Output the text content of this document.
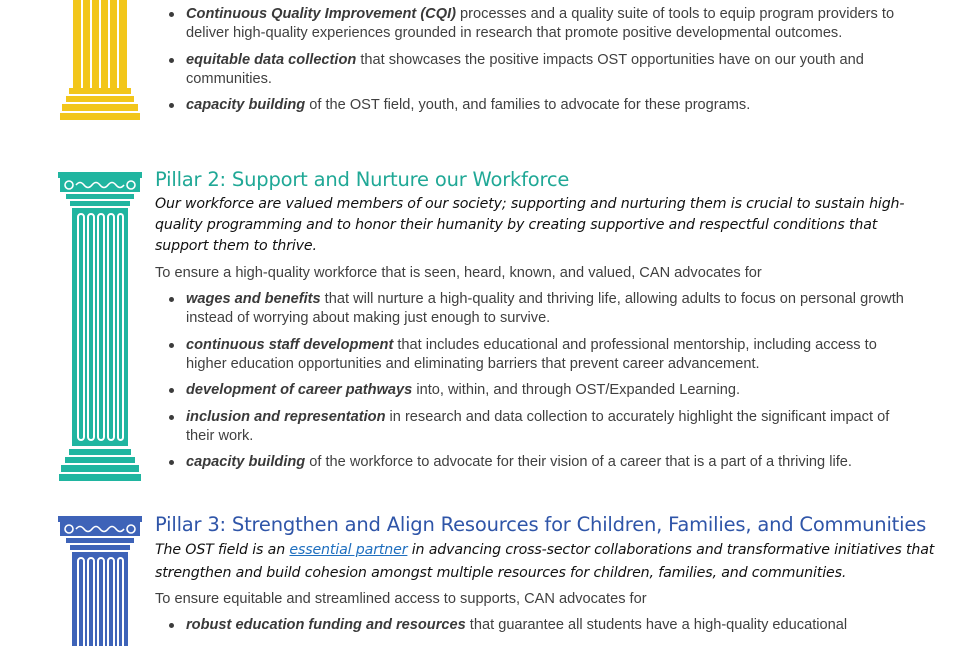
Continuous Quality Improvement (CQI) processes and a quality suite of tools to equip program providers to deliver high-quality experiences grounded in research that promote positive developmental outcomes.
equitable data collection that showcases the positive impacts OST opportunities have on our youth and communities.
capacity building of the OST field, youth, and families to advocate for these programs.
Pillar 2: Support and Nurture our Workforce

Our workforce are valued members of our society; supporting and nurturing them is crucial to sustain high-quality programming and to honor their humanity by creating supportive and respectful conditions that support them to thrive.

To ensure a high-quality workforce that is seen, heard, known, and valued, CAN advocates for

wages and benefits that will nurture a high-quality and thriving life, allowing adults to focus on personal growth instead of worrying about making just enough to survive.
continuous staff development that includes educational and professional mentorship, including access to higher education opportunities and eliminating barriers that prevent career advancement.
development of career pathways into, within, and through OST/Expanded Learning.
inclusion and representation in research and data collection to accurately highlight the significant impact of their work.
capacity building of the workforce to advocate for their vision of a career that is a part of a thriving life.
Pillar 3: Strengthen and Align Resources for Children, Families, and Communities

The OST field is an essential partner in advancing cross-sector collaborations and transformative initiatives that strengthen and build cohesion amongst multiple resources for children, families, and communities.

To ensure equitable and streamlined access to supports, CAN advocates for

robust education funding and resources that guarantee all students have a high-quality educational
